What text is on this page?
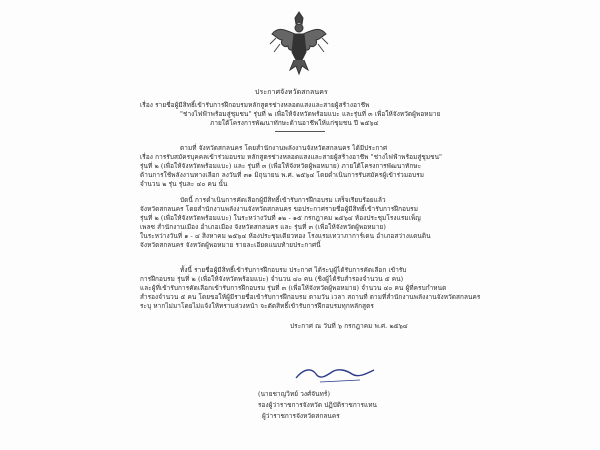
ประกาศจังหวัดสกลนคร
เรื่อง รายชื่อผู้มีสิทธิ์เข้ารับการฝึกอบรมหลักสูตรช่างหลอดแสงและสายผู้สร้างอาชีพ
"ช่างไฟฟ้าพร้อมสู่ชุมชน" รุ่นที่ ๒ เพื่อให้จังหวัดพร้อมแบะ และรุ่นที่ ๓ เพื่อให้จังหวัดผู้พอหมาย
ภายใต้โครงการพัฒนาทักษะด้านอาชีพให้แก่ชุมชน ปี ๒๕๖๔
ตามที่ จังหวัดสกลนคร โดยสำนักงานพลังงานจังหวัดสกลนคร ได้มีประกาศ
เรื่อง การรับสมัครบุคคลเข้าร่วมอบรม หลักสูตรช่างหลอดแสงและสายผู้สร้างอาชีพ "ช่างไฟฟ้าพร้อมสู่ชุมชน"
รุ่นที่ ๒ (เพื่อให้จังหวัดพร้อมแบะ) และ รุ่นที่ ๓ (เพื่อให้จังหวัดผู้พอหมาย) ภายใต้โครงการพัฒนาทักษะ
ด้านการใช้พลังงานทางเลือก ลงวันที่ ๓๑ มิถุนายน พ.ศ. ๒๕๖๔ โดยดำเนินการรับสมัครผู้เข้าร่วมอบรม
จำนวน ๒ รุ่น รุ่นละ ๔๐ คน นั้น
บัดนี้ การดำเนินการคัดเลือกผู้มีสิทธิ์เข้ารับการฝึกอบรม เสร็จเรียบร้อยแล้ว
จังหวัดสกลนคร โดยสำนักงานพลังงานจังหวัดสกลนคร ขอประกาศรายชื่อผู้มีสิทธิ์เข้ารับการฝึกอบรม
รุ่นที่ ๒ (เพื่อให้จังหวัดพร้อมแบะ) ในระหว่างวันที่ ๑๒ - ๑๕ กรกฎาคม ๒๕๖๔ ห้องประชุมโรงแรมเพ็ญ
เพลซ สำนักงานเมือง อำเภอเมือง จังหวัดสกลนคร และ รุ่นที่ ๓ (เพื่อให้จังหวัดผู้พอหมาย)
ในระหว่างวันที่ ๑ - ๔ สิงหาคม ๒๕๖๔ ห้องประชุมเดียวทอง โรงแรมเทวาภาการ์เดน อำเภอสว่างแดนดิน
จังหวัดสกลนคร จังหวัดผู้พอหมาย รายละเอียดแนบท้ายประกาศนี้
ทั้งนี้ รายชื่อผู้มีสิทธิ์เข้ารับการฝึกอบรม ประกาศ ได้ระบุผู้ได้รับการคัดเลือก เข้ารับ
การฝึกอบรม รุ่นที่ ๒ (เพื่อให้จังหวัดพร้อมแบะ) จำนวน ๔๐ คน (ชิงผู้ได้รับสำรองจำนวน ๕ คน)
และผู้ที่เข้ารับการคัดเลือกเข้ารับการฝึกอบรม รุ่นที่ ๓ (เพื่อให้จังหวัดผู้พอหมาย) จำนวน ๔๐ คน ผู้ที่ครบกำหนด
สำรองจำนวน ๕ คน โดยขอให้ผู้มีรายชื่อเข้ารับการฝึกอบรม ตามวัน เวลา สถานที่ ตามที่สำนักงานพลังงานจังหวัดสกลนคร
ระบุ หากไม่มาโดยไม่แจ้งให้ทราบล่วงหน้า จะตัดสิทธิ์เข้ารับการฝึกอบรมทุกหลักสูตร
ประกาศ ณ วันที่ ๖ กรกฎาคม พ.ศ. ๒๕๖๔
(นายชาญวิทย์ วงศ์จันทร์)
รองผู้ว่าราชการจังหวัด ปฏิบัติราชการแทน
ผู้ว่าราชการจังหวัดสกลนคร
